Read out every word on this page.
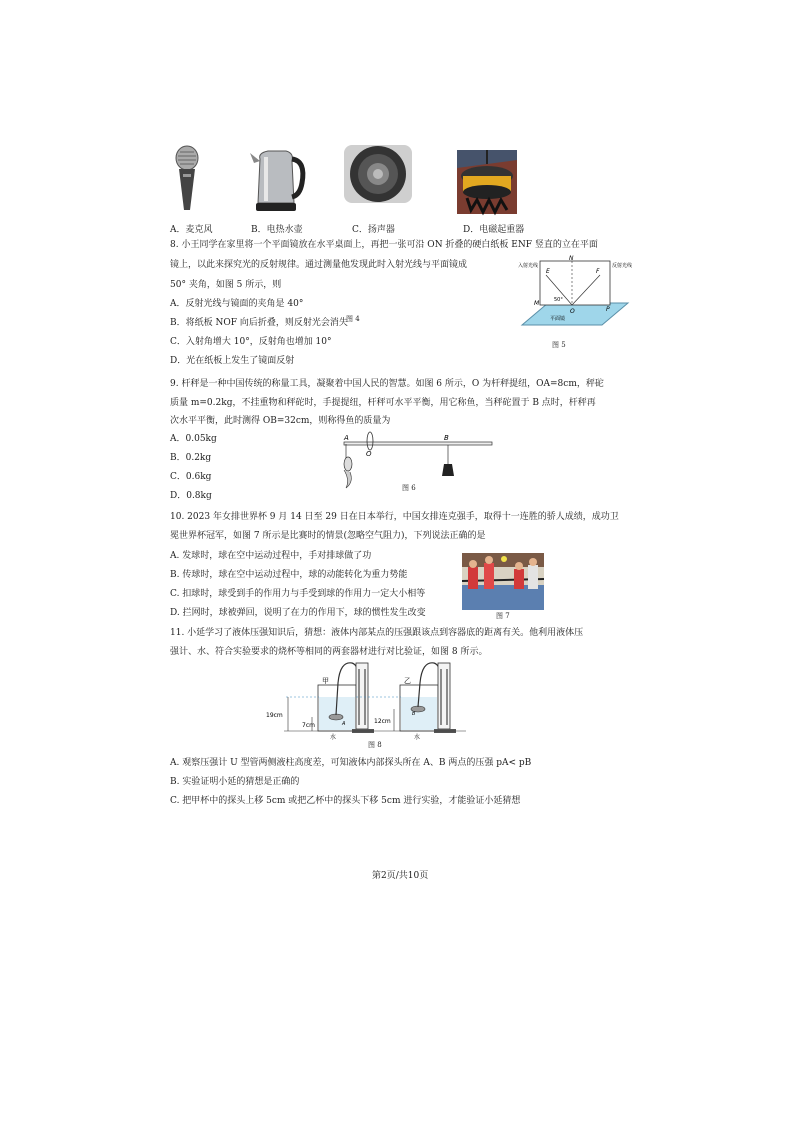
A．麦克风	B．电热水壶	C．扬声器	D．电磁起重器
8. 小王同学在家里将一个平面镜放在水平桌面上，再把一张可沿 ON 折叠的硬白纸板 ENF 竖直的立在平面
镜上，以此来探究光的反射规律。通过测量他发现此时入射光线与平面镜成
50° 夹角，如图 5 所示，则
A．反射光线与镜面的夹角是 40°
B．将纸板 NOF 向后折叠，则反射光会消失
图 4
C．入射角增大 10°，反射角也增加 10°
D．光在纸板上发生了镜面反射
入射光线	反射光线
E
N
F
M
O	P
50°
平面镜
图 5
9. 杆秤是一种中国传统的称量工具，凝聚着中国人民的智慧。如图 6 所示，O 为杆秤提纽，OA=8cm，秤砣
质量 m=0.2kg，不挂重物和秤砣时，手提提纽，杆秤可水平平衡，用它称鱼，当秤砣置于 B 点时，杆秤再
次水平平衡，此时测得 OB=32cm，则称得鱼的质量为
A．0.05kg
B．0.2kg
C．0.6kg
D．0.8kg
A
O
B
图 6
10. 2023 年女排世界杯 9 月 14 日至 29 日在日本举行，中国女排连克强手，取得十一连胜的骄人成绩，成功卫
冕世界杯冠军，如图 7 所示是比赛时的情景(忽略空气阻力)，下列说法正确的是
A. 发球时，球在空中运动过程中，手对排球做了功
B. 传球时，球在空中运动过程中，球的动能转化为重力势能
C. 扣球时，球受到手的作用力与手受到球的作用力一定大小相等
D. 拦网时，球被弹回，说明了在力的作用下，球的惯性发生改变	图 7
11. 小延学习了液体压强知识后，猜想：液体内部某点的压强跟该点到容器底的距离有关。他利用液体压
强计、水、符合实验要求的烧杯等相同的两套器材进行对比验证，如图 8 所示。
19cm
7cm
12cm
甲	乙
A
B
水	水
图 8
A. 观察压强计 U 型管两侧液柱高度差，可知液体内部探头所在 A、B 两点的压强 pA< pB
B. 实验证明小延的猜想是正确的
C. 把甲杯中的探头上移 5cm 或把乙杯中的探头下移 5cm 进行实验，才能验证小延猜想
第2页/共10页
